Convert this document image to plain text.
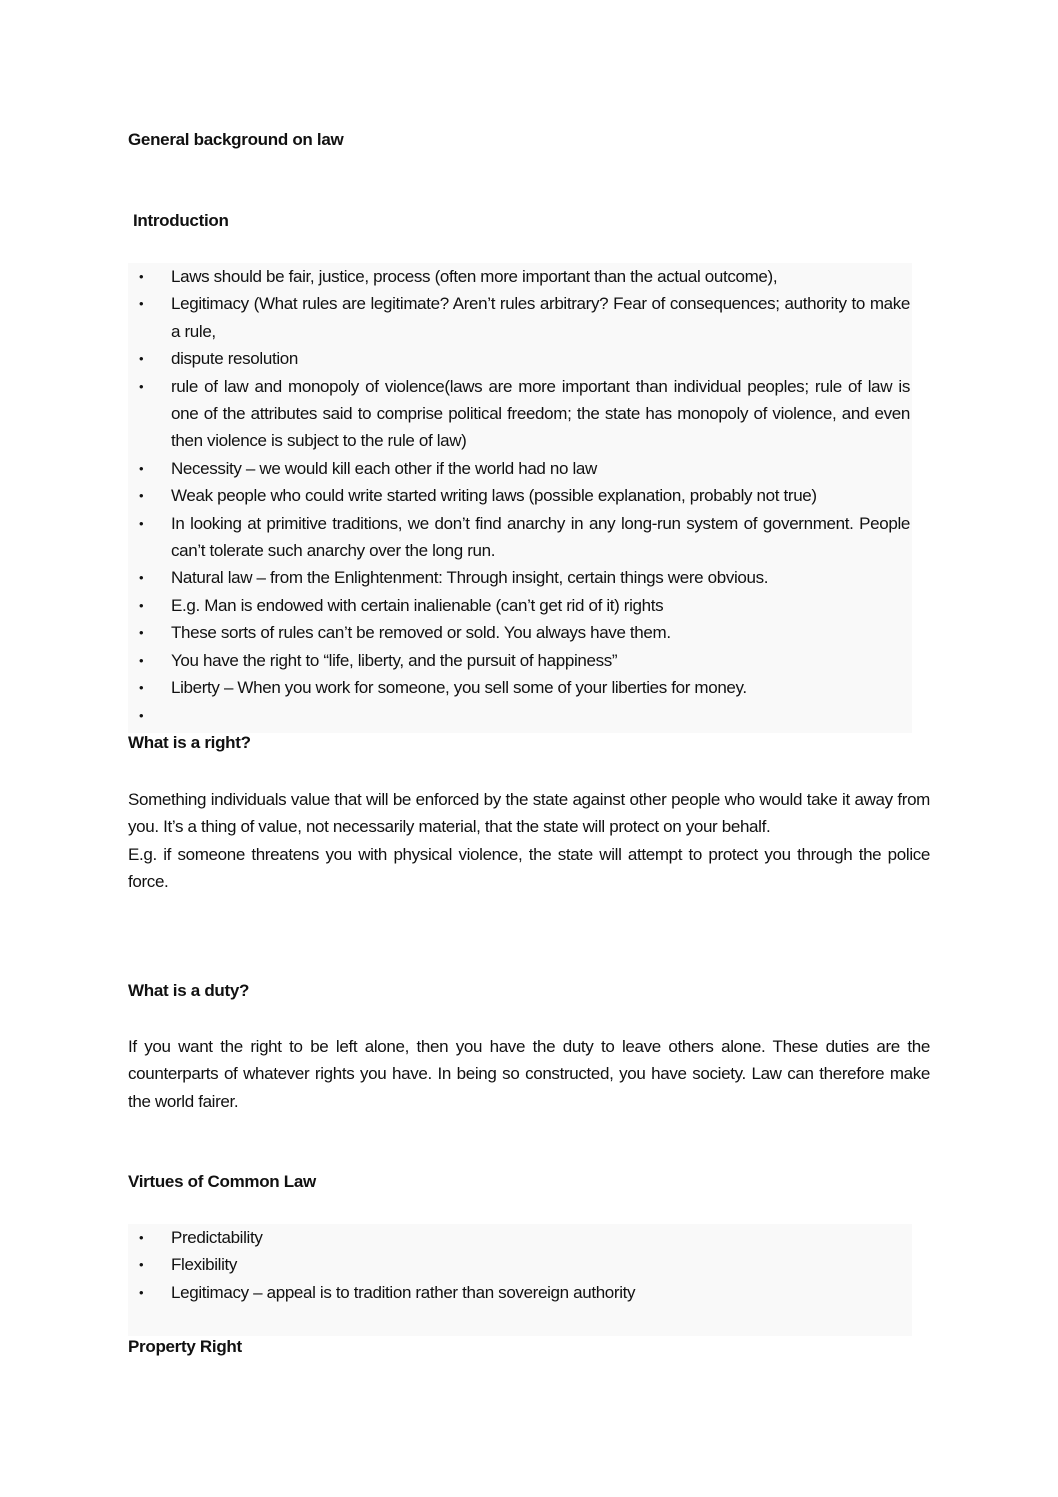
General background on law
Introduction
• Laws should be fair, justice, process (often more important than the actual outcome),
• Legitimacy (What rules are legitimate? Aren’t rules arbitrary? Fear of consequences; authority to make a rule,
• dispute resolution
• rule of law and monopoly of violence(laws are more important than individual peoples; rule of law is one of the attributes said to comprise political freedom; the state has monopoly of violence, and even then violence is subject to the rule of law)
• Necessity – we would kill each other if the world had no law
• Weak people who could write started writing laws (possible explanation, probably not true)
• In looking at primitive traditions, we don’t find anarchy in any long-run system of government. People can’t tolerate such anarchy over the long run.
• Natural law – from the Enlightenment: Through insight, certain things were obvious.
• E.g. Man is endowed with certain inalienable (can’t get rid of it) rights
• These sorts of rules can’t be removed or sold. You always have them.
• You have the right to “life, liberty, and the pursuit of happiness”
• Liberty – When you work for someone, you sell some of your liberties for money.
•
What is a right?
Something individuals value that will be enforced by the state against other people who would take it away from you. It’s a thing of value, not necessarily material, that the state will protect on your behalf.
E.g. if someone threatens you with physical violence, the state will attempt to protect you through the police force.
What is a duty?
If you want the right to be left alone, then you have the duty to leave others alone. These duties are the counterparts of whatever rights you have. In being so constructed, you have society. Law can therefore make the world fairer.
Virtues of Common Law
• Predictability
• Flexibility
• Legitimacy – appeal is to tradition rather than sovereign authority
Property Right
